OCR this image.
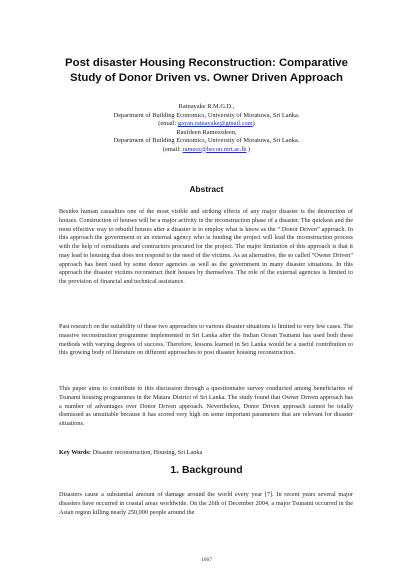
Post disaster Housing Reconstruction: Comparative
Study of Donor Driven vs. Owner Driven Approach
Ratnayake R.M.G.D.,
Department of Building Economics, University of Moratuwa, Sri Lanka.
(email: gayan.ratnayake@gmail.com)
Raufdeen Rameezdeen,
Department of Building Economics, University of Moratuwa, Sri Lanka.
(email: rameez@becon.mrt.ac.lk )
Abstract
Besides human casualties one of the most visible and striking effects of any major disaster is the destruction of houses. Construction of houses will be a major activity in the reconstruction phase of a disaster. The quickest and the most effective way to rebuild houses after a disaster is to employ what is know as the “ Donor Driven” approach. In this approach the government or an external agency who is funding the project will lead the reconstruction process with the help of consultants and contractors procured for the project. The major limitation of this approach is that it may lead to housing that does not respond to the need of the victims. As an alternative, the so called “Owner Driven” approach has been used by some donor agencies as well as the government in many disaster situations. In this approach the disaster victims reconstruct their houses by themselves. The role of the external agencies is limited to the provision of financial and technical assistance.
Past research on the suitability of these two approaches to various disaster situations is limited to very few cases. The massive reconstruction programme implemented in Sri Lanka after the Indian Ocean Tsunami has used both these methods with varying degrees of success. Therefore, lessons learned in Sri Lanka would be a useful contribution to this growing body of literature on different approaches to post disaster housing reconstruction.
This paper aims to contribute to this discussion through a questionnaire survey conducted among beneficiaries of Tsunami housing programmes in the Matara District of Sri Lanka. The study found that Owner Driven approach has a number of advantages over Donor Driven approach. Nevertheless, Donor Driven approach cannot be totally dismissed as unsuitable because it has scored very high on some important parameters that are relevant for disaster situations.
Key Words: Disaster reconstruction, Housing, Sri Lanka
1. Background
Disasters cause a substantial amount of damage around the world every year [7]. In recent years several major disasters have occurred in coastal areas worldwide. On the 26th of December 2004, a major Tsunami occurred in the Asian region killing nearly 250,000 people around the
1067
